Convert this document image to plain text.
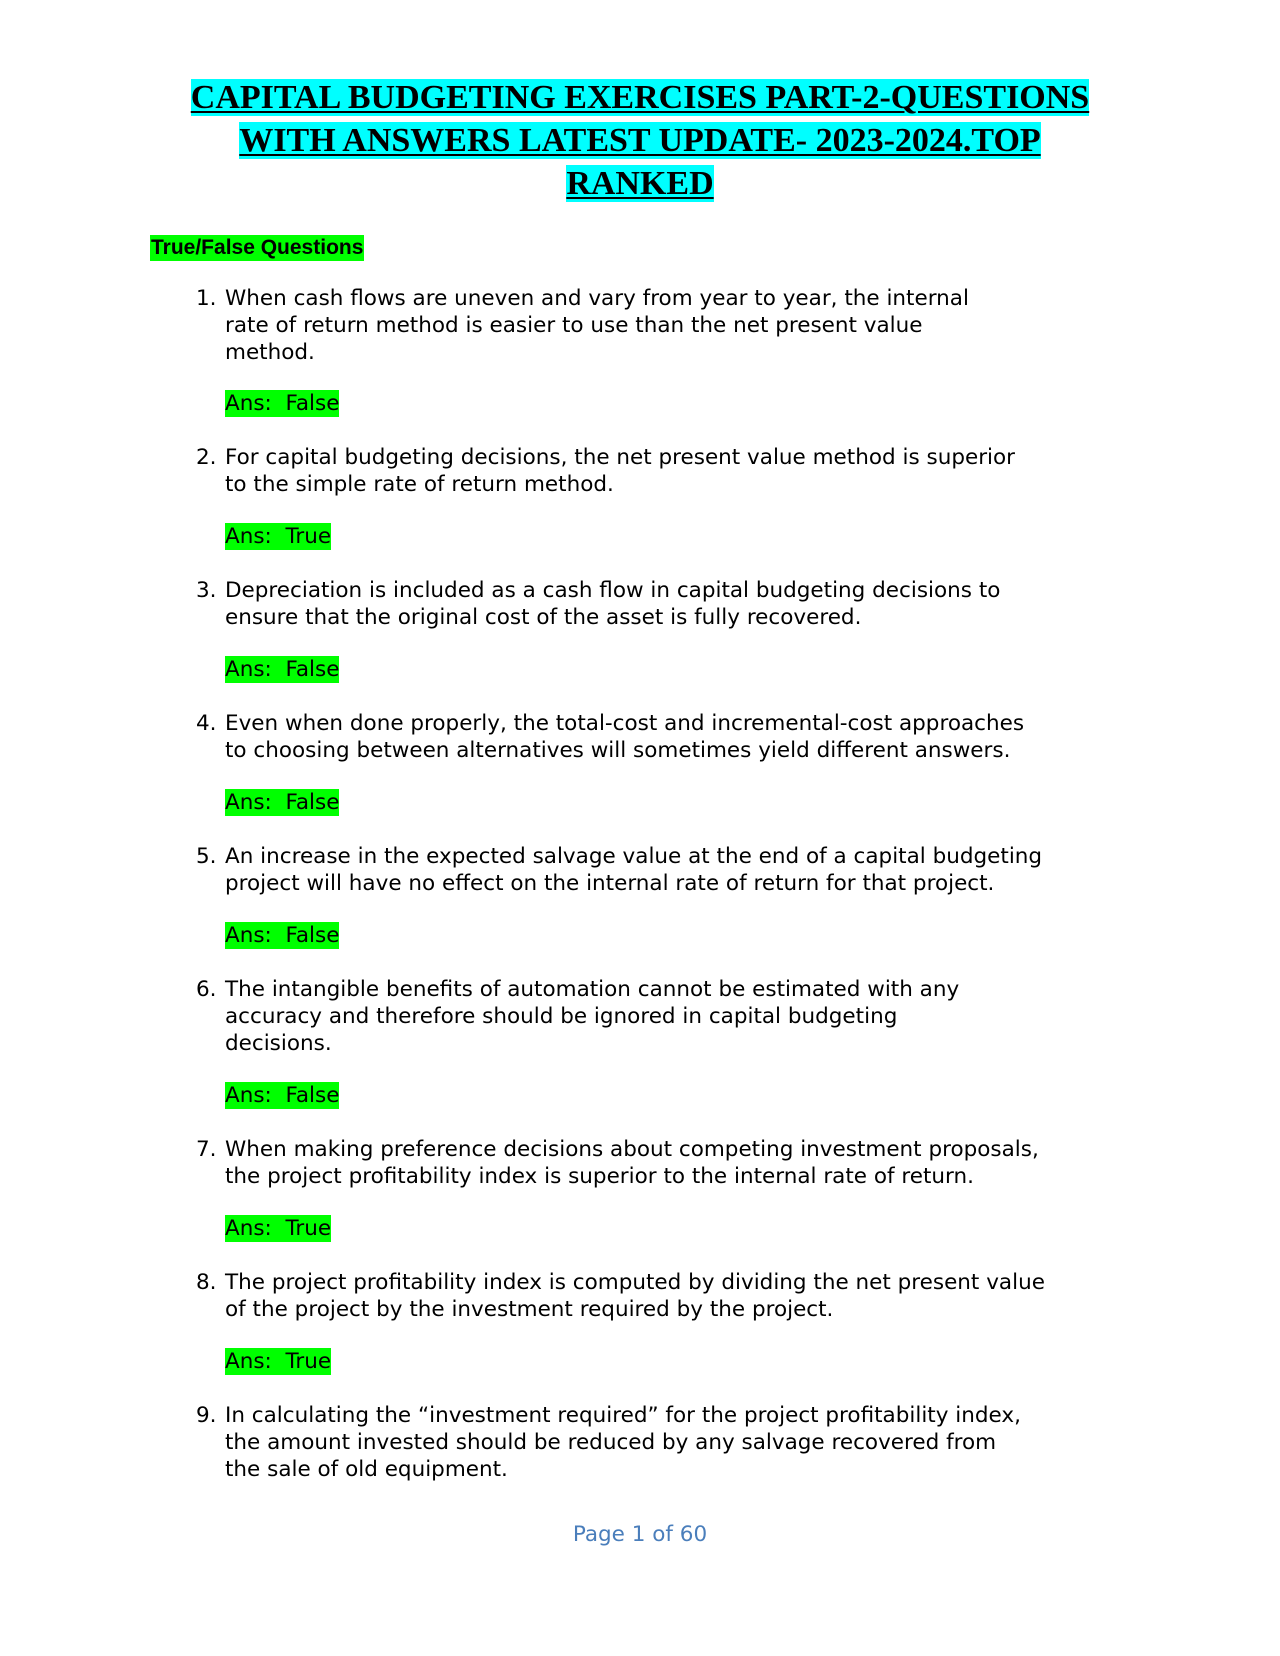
CAPITAL BUDGETING EXERCISES PART-2-QUESTIONS
WITH ANSWERS LATEST UPDATE- 2023-2024.TOP
RANKED
True/False Questions
1. When cash flows are uneven and vary from year to year, the internal
rate of return method is easier to use than the net present value
method.
Ans:  False
2. For capital budgeting decisions, the net present value method is superior
to the simple rate of return method.
Ans:  True
3. Depreciation is included as a cash flow in capital budgeting decisions to
ensure that the original cost of the asset is fully recovered.
Ans:  False
4. Even when done properly, the total-cost and incremental-cost approaches
to choosing between alternatives will sometimes yield different answers.
Ans:  False
5. An increase in the expected salvage value at the end of a capital budgeting
project will have no effect on the internal rate of return for that project.
Ans:  False
6. The intangible benefits of automation cannot be estimated with any
accuracy and therefore should be ignored in capital budgeting
decisions.
Ans:  False
7. When making preference decisions about competing investment proposals,
the project profitability index is superior to the internal rate of return.
Ans:  True
8. The project profitability index is computed by dividing the net present value
of the project by the investment required by the project.
Ans:  True
9. In calculating the “investment required” for the project profitability index,
the amount invested should be reduced by any salvage recovered from
the sale of old equipment.
Page 1 of 60
